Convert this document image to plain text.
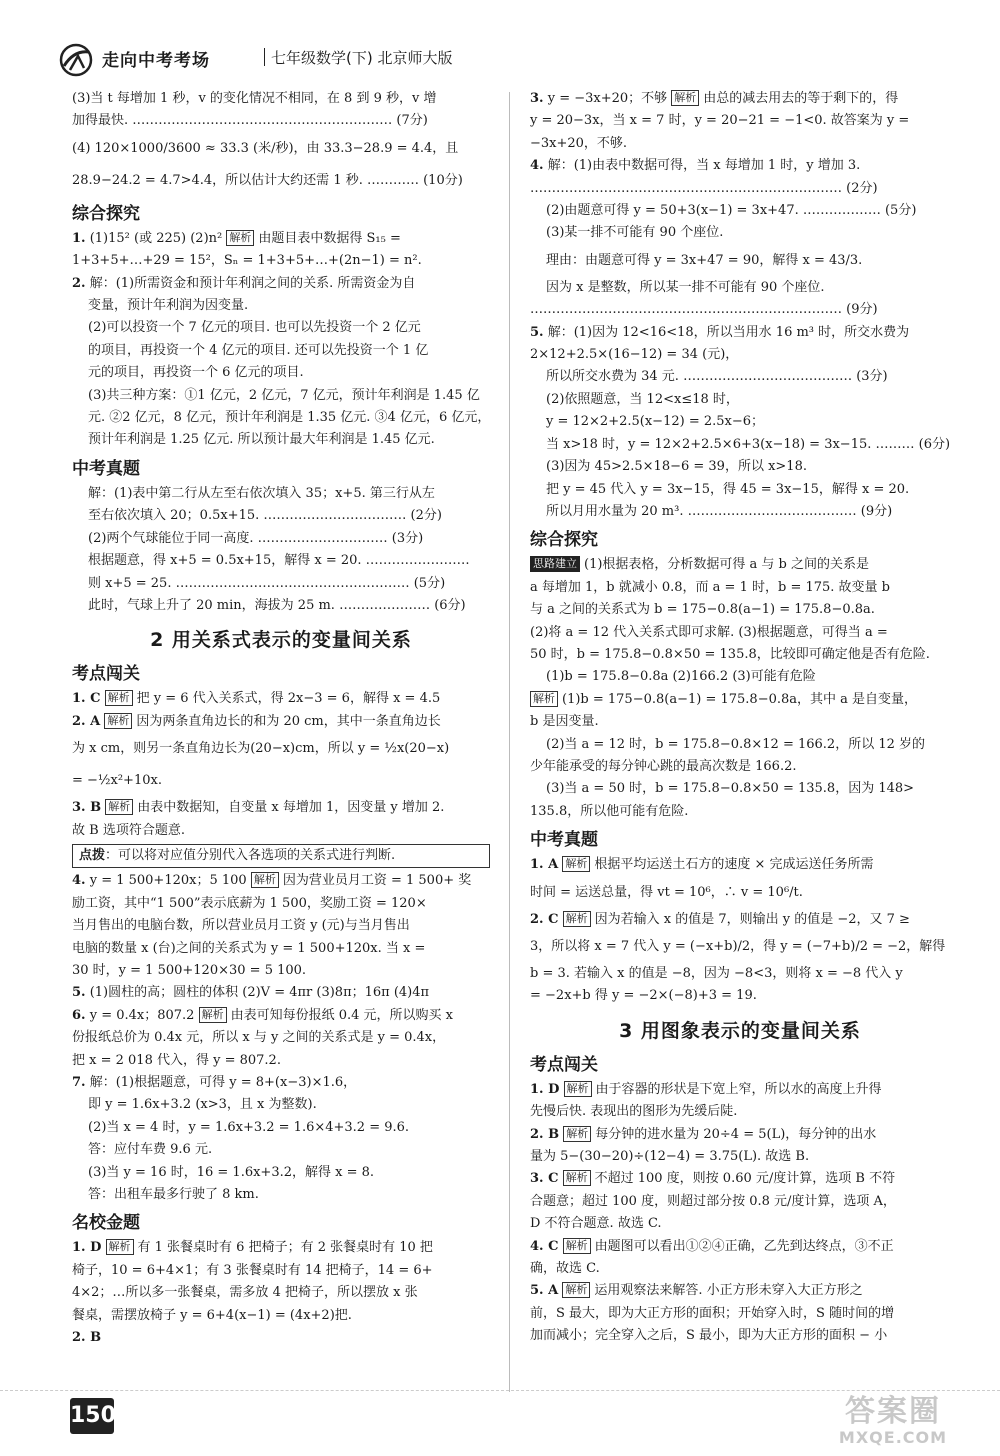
走向中考考场	七年级数学(下) 北京师大版
(3)当 t 每增加 1 秒，v 的变化情况不相同，在 8 到 9 秒，v 增
加得最快. …………………………………………………… (7分)
(4) 120×1000/3600 ≈ 33.3 (米/秒)，由 33.3−28.9 = 4.4，且
28.9−24.2 = 4.7>4.4，所以估计大约还需 1 秒. ………… (10分)
综合探究
1. (1)15² (或 225) (2)n² 解析 由题目表中数据得 S₁₅ =
1+3+5+…+29 = 15²，Sₙ = 1+3+5+…+(2n−1) = n².
2. 解：(1)所需资金和预计年利润之间的关系. 所需资金为自
变量，预计年利润为因变量.
(2)可以投资一个 7 亿元的项目. 也可以先投资一个 2 亿元
的项目，再投资一个 4 亿元的项目. 还可以先投资一个 1 亿
元的项目，再投资一个 6 亿元的项目.
(3)共三种方案：①1 亿元，2 亿元，7 亿元，预计年利润是 1.45 亿
元. ②2 亿元，8 亿元，预计年利润是 1.35 亿元. ③4 亿元，6 亿元，
预计年利润是 1.25 亿元. 所以预计最大年利润是 1.45 亿元.
中考真题
解：(1)表中第二行从左至右依次填入 35；x+5. 第三行从左
至右依次填入 20；0.5x+15. …………………………… (2分)
(2)两个气球能位于同一高度. ………………………… (3分)
根据题意，得 x+5 = 0.5x+15，解得 x = 20. ……………………
则 x+5 = 25. ……………………………………………… (5分)
此时，气球上升了 20 min，海拔为 25 m. ………………… (6分)
2 用关系式表示的变量间关系
考点闯关
1. C 解析 把 y = 6 代入关系式，得 2x−3 = 6，解得 x = 4.5
2. A 解析 因为两条直角边长的和为 20 cm，其中一条直角边长
为 x cm，则另一条直角边长为(20−x)cm，所以 y = ½x(20−x)
= −½x²+10x.
3. B 解析 由表中数据知，自变量 x 每增加 1，因变量 y 增加 2.
故 B 选项符合题意.
点拨：可以将对应值分别代入各选项的关系式进行判断.
4. y = 1 500+120x；5 100 解析 因为营业员月工资 = 1 500+ 奖
励工资，其中“1 500”表示底薪为 1 500，奖励工资 = 120×
当月售出的电脑台数，所以营业员月工资 y (元)与当月售出
电脑的数量 x (台)之间的关系式为 y = 1 500+120x. 当 x =
30 时，y = 1 500+120×30 = 5 100.
5. (1)圆柱的高；圆柱的体积 (2)V = 4πr (3)8π；16π (4)4π
6. y = 0.4x；807.2 解析 由表可知每份报纸 0.4 元，所以购买 x
份报纸总价为 0.4x 元，所以 x 与 y 之间的关系式是 y = 0.4x，
把 x = 2 018 代入，得 y = 807.2.
7. 解：(1)根据题意，可得 y = 8+(x−3)×1.6，
即 y = 1.6x+3.2 (x>3，且 x 为整数).
(2)当 x = 4 时，y = 1.6x+3.2 = 1.6×4+3.2 = 9.6.
答：应付车费 9.6 元.
(3)当 y = 16 时，16 = 1.6x+3.2，解得 x = 8.
答：出租车最多行驶了 8 km.
名校金题
1. D 解析 有 1 张餐桌时有 6 把椅子；有 2 张餐桌时有 10 把
椅子，10 = 6+4×1；有 3 张餐桌时有 14 把椅子，14 = 6+
4×2；…所以多一张餐桌，需多放 4 把椅子，所以摆放 x 张
餐桌，需摆放椅子 y = 6+4(x−1) = (4x+2)把.
2. B
3. y = −3x+20；不够 解析 由总的减去用去的等于剩下的，得
y = 20−3x，当 x = 7 时，y = 20−21 = −1<0. 故答案为 y =
−3x+20，不够.
4. 解：(1)由表中数据可得，当 x 每增加 1 时，y 增加 3.
……………………………………………………………… (2分)
(2)由题意可得 y = 50+3(x−1) = 3x+47. ……………… (5分)
(3)某一排不可能有 90 个座位.
理由：由题意可得 y = 3x+47 = 90，解得 x = 43/3.
因为 x 是整数，所以某一排不可能有 90 个座位.
……………………………………………………………… (9分)
5. 解：(1)因为 12<16<18，所以当用水 16 m³ 时，所交水费为
2×12+2.5×(16−12) = 34 (元)，
所以所交水费为 34 元. ………………………………… (3分)
(2)依照题意，当 12<x≤18 时，
y = 12×2+2.5(x−12) = 2.5x−6；
当 x>18 时，y = 12×2+2.5×6+3(x−18) = 3x−15. ……… (6分)
(3)因为 45>2.5×18−6 = 39，所以 x>18.
把 y = 45 代入 y = 3x−15，得 45 = 3x−15，解得 x = 20.
所以月用水量为 20 m³. ………………………………… (9分)
综合探究
思路建立 (1)根据表格，分析数据可得 a 与 b 之间的关系是
a 每增加 1，b 就减小 0.8，而 a = 1 时，b = 175. 故变量 b
与 a 之间的关系式为 b = 175−0.8(a−1) = 175.8−0.8a.
(2)将 a = 12 代入关系式即可求解. (3)根据题意，可得当 a =
50 时，b = 175.8−0.8×50 = 135.8，比较即可确定他是否有危险.
(1)b = 175.8−0.8a (2)166.2 (3)可能有危险
解析 (1)b = 175−0.8(a−1) = 175.8−0.8a，其中 a 是自变量，
b 是因变量.
(2)当 a = 12 时，b = 175.8−0.8×12 = 166.2，所以 12 岁的
少年能承受的每分钟心跳的最高次数是 166.2.
(3)当 a = 50 时，b = 175.8−0.8×50 = 135.8，因为 148>
135.8，所以他可能有危险.
中考真题
1. A 解析 根据平均运送土石方的速度 × 完成运送任务所需
时间 = 运送总量，得 vt = 10⁶，∴ v = 10⁶/t.
2. C 解析 因为若输入 x 的值是 7，则输出 y 的值是 −2，又 7 ≥
3，所以将 x = 7 代入 y = (−x+b)/2，得 y = (−7+b)/2 = −2，解得
b = 3. 若输入 x 的值是 −8，因为 −8<3，则将 x = −8 代入 y
= −2x+b 得 y = −2×(−8)+3 = 19.
3 用图象表示的变量间关系
考点闯关
1. D 解析 由于容器的形状是下宽上窄，所以水的高度上升得
先慢后快. 表现出的图形为先缓后陡.
2. B 解析 每分钟的进水量为 20÷4 = 5(L)，每分钟的出水
量为 5−(30−20)÷(12−4) = 3.75(L). 故选 B.
3. C 解析 不超过 100 度，则按 0.60 元/度计算，选项 B 不符
合题意；超过 100 度，则超过部分按 0.8 元/度计算，选项 A，
D 不符合题意. 故选 C.
4. C 解析 由题图可以看出①②④正确，乙先到达终点，③不正
确，故选 C.
5. A 解析 运用观察法来解答. 小正方形未穿入大正方形之
前，S 最大，即为大正方形的面积；开始穿入时，S 随时间的增
加而减小；完全穿入之后，S 最小，即为大正方形的面积 − 小
150	答案圈
MXQE.COM
